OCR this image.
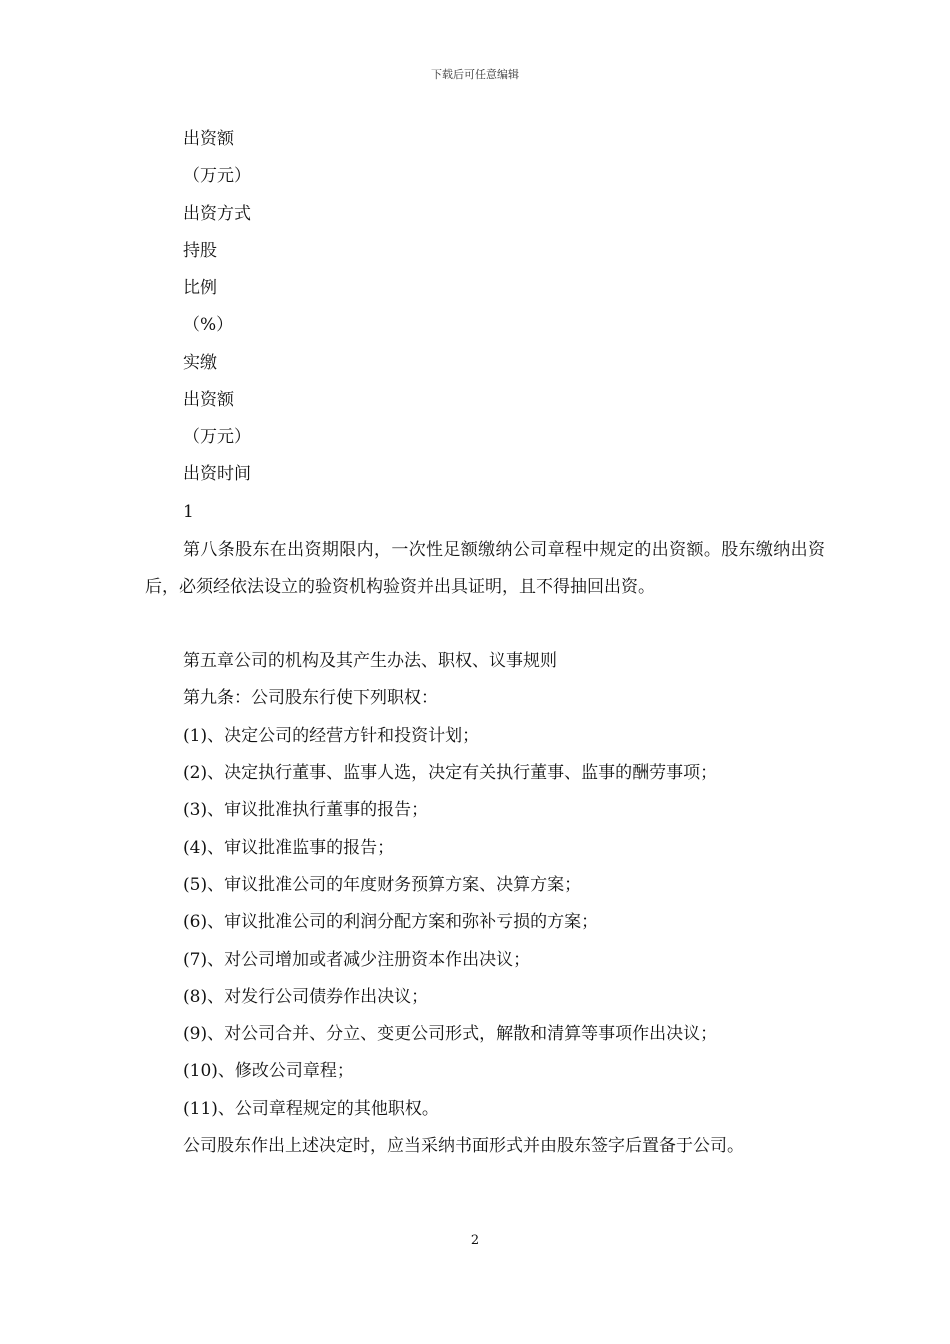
下载后可任意编辑
出资额
（万元）
出资方式
持股
比例
（%）
实缴
出资额
（万元）
出资时间
1
第八条股东在出资期限内，一次性足额缴纳公司章程中规定的出资额。股东缴纳出资后，必须经依法设立的验资机构验资并出具证明，且不得抽回出资。
第五章公司的机构及其产生办法、职权、议事规则
第九条：公司股东行使下列职权：
(1)、决定公司的经营方针和投资计划；
(2)、决定执行董事、监事人选，决定有关执行董事、监事的酬劳事项；
(3)、审议批准执行董事的报告；
(4)、审议批准监事的报告；
(5)、审议批准公司的年度财务预算方案、决算方案；
(6)、审议批准公司的利润分配方案和弥补亏损的方案；
(7)、对公司增加或者减少注册资本作出决议；
(8)、对发行公司债券作出决议；
(9)、对公司合并、分立、变更公司形式，解散和清算等事项作出决议；
(10)、修改公司章程；
(11)、公司章程规定的其他职权。
公司股东作出上述决定时，应当采纳书面形式并由股东签字后置备于公司。
2
